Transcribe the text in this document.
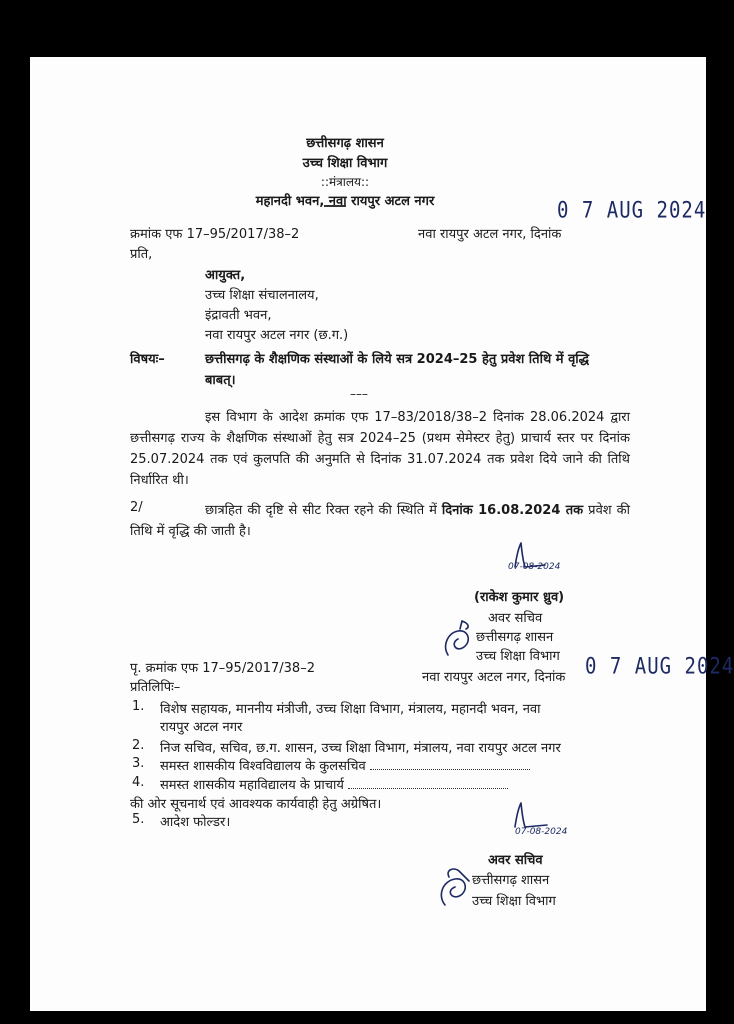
छत्तीसगढ़ शासन
उच्च शिक्षा विभाग
::मंत्रालय::
महानदी भवन, नवा रायपुर अटल नगर	0 7 AUG 2024
क्रमांक एफ 17–95/2017/38–2	नवा रायपुर अटल नगर, दिनांक
प्रति,
आयुक्त,
उच्च शिक्षा संचालनालय,
इंद्रावती भवन,
नवा रायपुर अटल नगर (छ.ग.)
विषयः–	छत्तीसगढ़ के शैक्षणिक संस्थाओं के लिये सत्र 2024–25 हेतु प्रवेश तिथि में वृद्धि
बाबत्।
–––
इस विभाग के आदेश क्रमांक एफ 17–83/2018/38–2 दिनांक 28.06.2024 द्वारा छत्तीसगढ़ राज्य के शैक्षणिक संस्थाओं हेतु सत्र 2024–25 (प्रथम सेमेस्टर हेतु) प्राचार्य स्तर पर दिनांक 25.07.2024 तक एवं कुलपति की अनुमति से दिनांक 31.07.2024 तक प्रवेश दिये जाने की तिथि निर्धारित थी।
2/	छात्रहित की दृष्टि से सीट रिक्त रहने की स्थिति में दिनांक 16.08.2024 तक प्रवेश की तिथि में वृद्धि की जाती है।
07-08-2024
(राकेश कुमार ध्रुव)
अवर सचिव
छत्तीसगढ़ शासन
उच्च शिक्षा विभाग
पृ. क्रमांक एफ 17–95/2017/38–2
नवा रायपुर अटल नगर, दिनांक 0 7 AUG 2024
प्रतिलिपिः–
1. विशेष सहायक, माननीय मंत्रीजी, उच्च शिक्षा विभाग, मंत्रालय, महानदी भवन, नवा
रायपुर अटल नगर
2. निज सचिव, सचिव, छ.ग. शासन, उच्च शिक्षा विभाग, मंत्रालय, नवा रायपुर अटल नगर
3. समस्त शासकीय विश्वविद्यालय के कुलसचिव
4. समस्त शासकीय महाविद्यालय के प्राचार्य
की ओर सूचनार्थ एवं आवश्यक कार्यवाही हेतु अग्रेषित।
5. आदेश फोल्डर।
07-08-2024
अवर सचिव
छत्तीसगढ़ शासन
उच्च शिक्षा विभाग
